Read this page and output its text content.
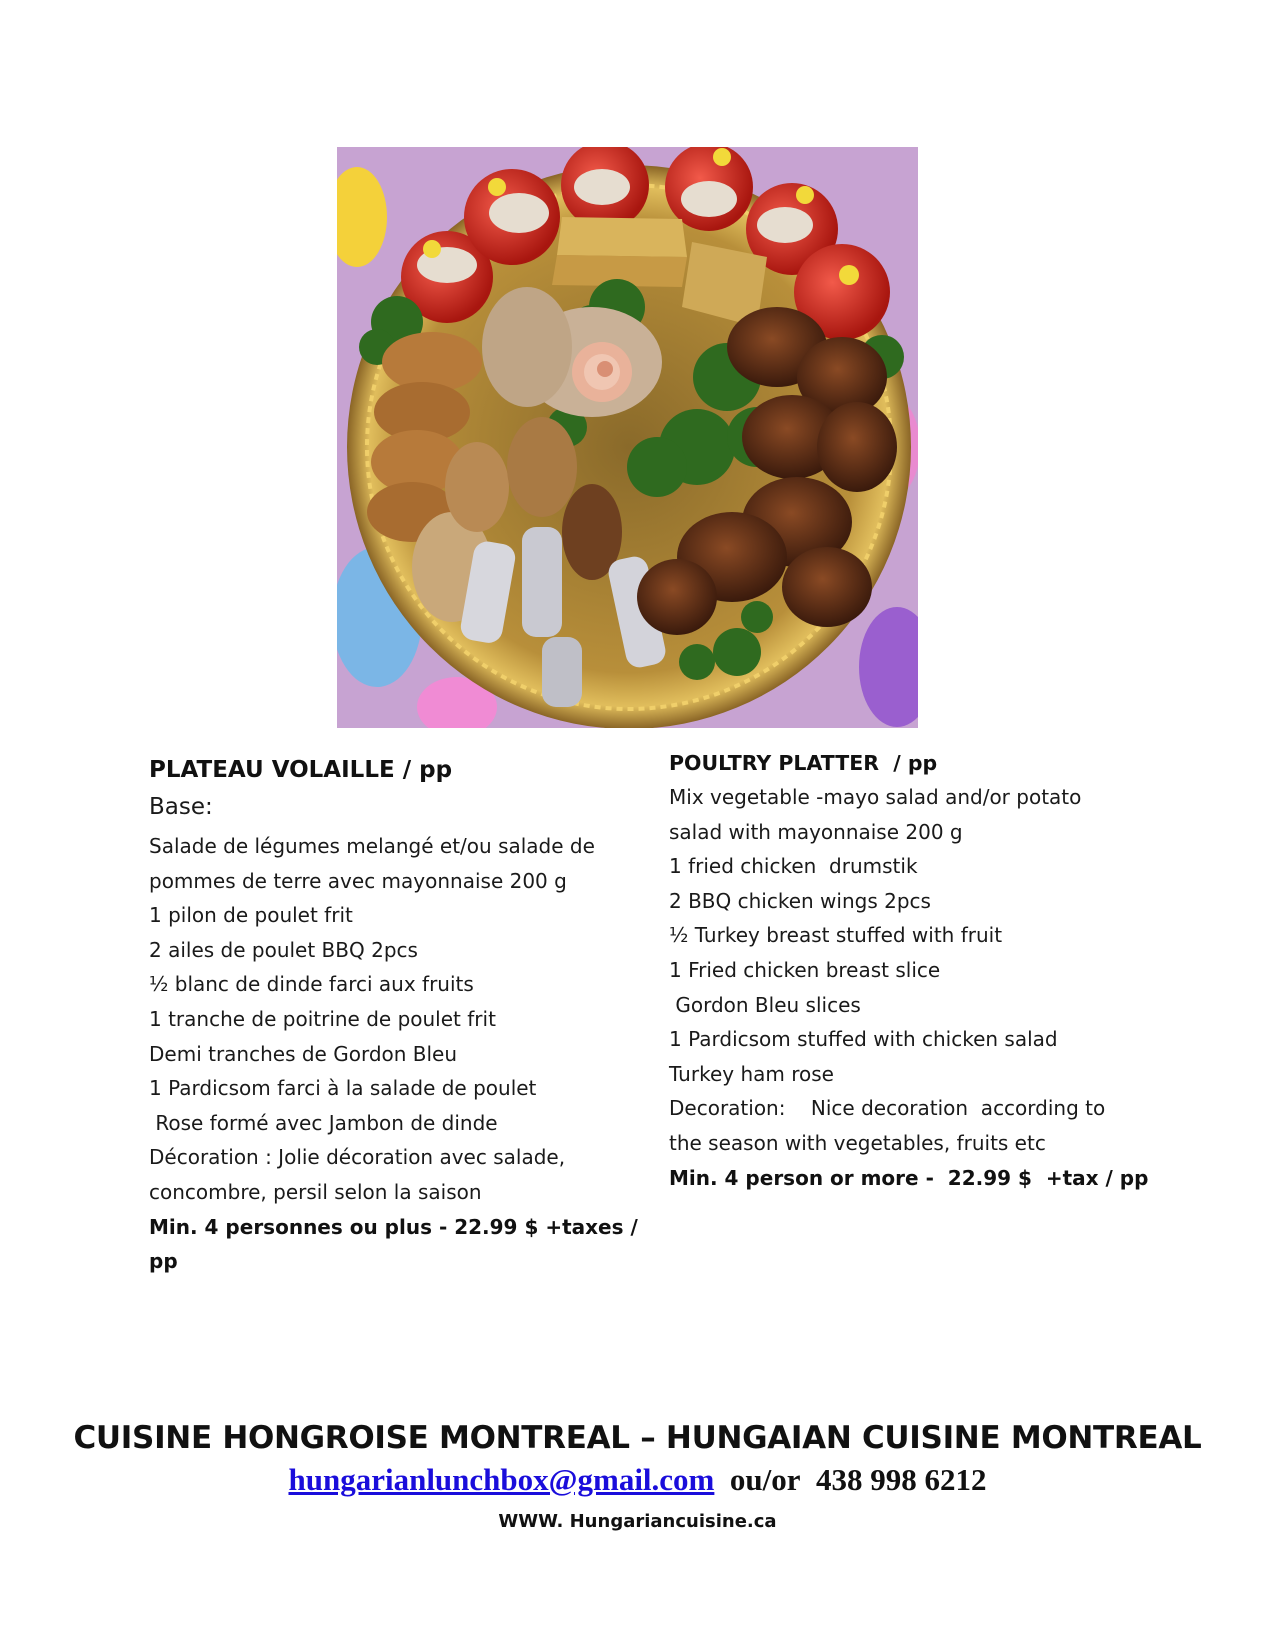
PLATEAU VOLAILLE / pp
Base:
Salade de légumes melangé et/ou salade de
pommes de terre avec mayonnaise 200 g
1 pilon de poulet frit
2 ailes de poulet BBQ 2pcs
½ blanc de dinde farci aux fruits
1 tranche de poitrine de poulet frit
Demi tranches de Gordon Bleu
1 Pardicsom farci à la salade de poulet
Rose formé avec Jambon de dinde
Décoration : Jolie décoration avec salade,
concombre, persil selon la saison
Min. 4 personnes ou plus - 22.99 $ +taxes /
pp
POULTRY PLATTER  / pp
Mix vegetable -mayo salad and/or potato
salad with mayonnaise 200 g
1 fried chicken  drumstik
2 BBQ chicken wings 2pcs
½ Turkey breast stuffed with fruit
1 Fried chicken breast slice
Gordon Bleu slices
1 Pardicsom stuffed with chicken salad
Turkey ham rose
Decoration:    Nice decoration  according to
the season with vegetables, fruits etc
Min. 4 person or more -  22.99 $  +tax / pp
CUISINE HONGROISE MONTREAL – HUNGAIAN CUISINE MONTREAL
hungarianlunchbox@gmail.com ou/or 438 998 6212
WWW. Hungariancuisine.ca
